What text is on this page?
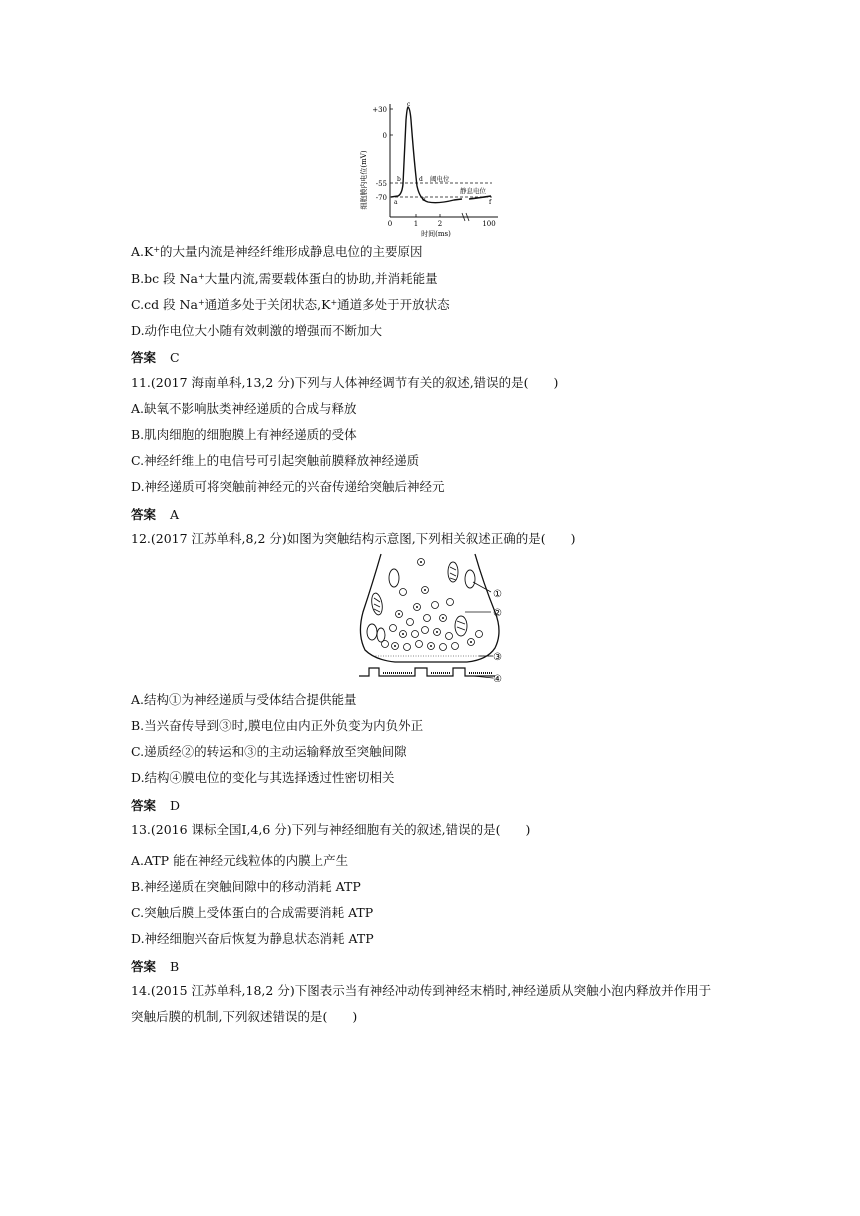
细胞膜内电位(mV)
+30
0
-55
-70
a
b
c
d
e	f
阈电位
静息电位
0	1	2	100
时间(ms)
A.K+的大量内流是神经纤维形成静息电位的主要原因
B.bc 段 Na+大量内流,需要载体蛋白的协助,并消耗能量
C.cd 段 Na+通道多处于关闭状态,K+通道多处于开放状态
D.动作电位大小随有效刺激的增强而不断加大
答案 C
11.(2017 海南单科,13,2 分)下列与人体神经调节有关的叙述,错误的是(　　)
A.缺氧不影响肽类神经递质的合成与释放
B.肌肉细胞的细胞膜上有神经递质的受体
C.神经纤维上的电信号可引起突触前膜释放神经递质
D.神经递质可将突触前神经元的兴奋传递给突触后神经元
答案 A
12.(2017 江苏单科,8,2 分)如图为突触结构示意图,下列相关叙述正确的是(　　)
①
②
③
④
A.结构①为神经递质与受体结合提供能量
B.当兴奋传导到③时,膜电位由内正外负变为内负外正
C.递质经②的转运和③的主动运输释放至突触间隙
D.结构④膜电位的变化与其选择透过性密切相关
答案 D
13.(2016 课标全国Ⅰ,4,6 分)下列与神经细胞有关的叙述,错误的是(　　)
A.ATP 能在神经元线粒体的内膜上产生
B.神经递质在突触间隙中的移动消耗 ATP
C.突触后膜上受体蛋白的合成需要消耗 ATP
D.神经细胞兴奋后恢复为静息状态消耗 ATP
答案 B
14.(2015 江苏单科,18,2 分)下图表示当有神经冲动传到神经末梢时,神经递质从突触小泡内释放并作用于
突触后膜的机制,下列叙述错误的是(　　)
